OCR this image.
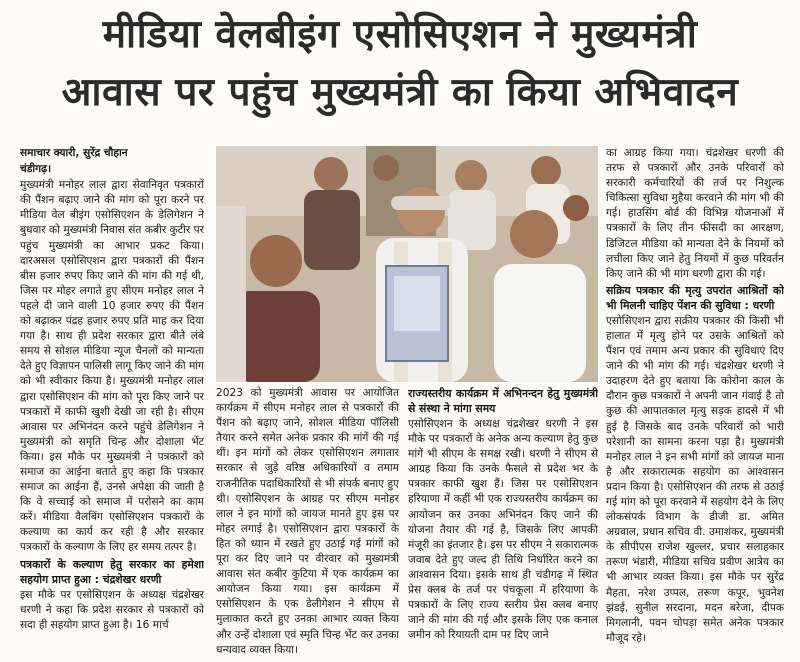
मीडिया वेलबीइंग एसोसिएशन ने मुख्यमंत्री
आवास पर पहुंच मुख्यमंत्री का किया अभिवादन

समाचार क्यारी, सुरेंद्र चौहान

चंडीगढ़।

मुख्यमंत्री मनोहर लाल द्वारा सेवानिवृत पत्रकारों की पैंशन बढ़ाए जाने की मांग को पूरा करने पर मीडिया वेल बीइंग एसोसिएशन के डेलिगेशन ने बुधवार को मुख्यमंत्री निवास संत कबीर कुटीर पर पहुंच मुख्यमंत्री का आभार प्रकट किया। दारअसल एसोसिएशन द्वारा पत्रकारों की पैंशन बीस हजार रुपए किए जाने की मांग की गई थी, जिस पर मोहर लगाते हुए सीएम मनोहर लाल ने पहले दी जाने वाली 10 हजार रुपए की पैंशन को बढ़ाकर पंद्रह हजार रुपए प्रति माह कर दिया गया है। साथ ही प्रदेश सरकार द्वारा बीते लंबे समय से सोशल मीडिया न्यूज चैनलों को मान्यता देते हुए विज्ञापन पालिसी लागू किए जाने की मांग को भी स्वीकार किया है। मुख्यमंत्री मनोहर लाल द्वारा एसोसिएशन की मांग को पूरा किए जाने पर पत्रकारों में काफी खुशी देखी जा रही है। सीएम आवास पर अभिनंदन करने पहुंचे डेलिगेशन ने मुख्यमंत्री को समृति चिन्ह और दोशाला भेंट किया। इस मौके पर मुख्यमंत्री ने पत्रकारों को समाज का आईना बताते हुए कहा कि पत्रकार समाज का आईना हैं, उनसे अपेक्षा की जाती है कि वे सच्चाई को समाज में परोसने का काम करें। मीडिया वैलबिंग एसोसिएशन पत्रकारों के कल्याण का कार्य कर रही है और सरकार पत्रकारों के कल्याण के लिए हर समय तत्पर है।

पत्रकारों के कल्याण हेतु सरकार का हमेशा सहयोग प्राप्त हुआ : चंद्रशेखर धरणी

इस मौके पर एसोसिएशन के अध्यक्ष चंद्रशेखर धरणी ने कहा कि प्रदेश सरकार से पत्रकारों को सदा ही सहयोग प्राप्त हुआ है। 16 मार्च

2023 को मुख्यमंत्री आवास पर आयोजित कार्यक्रम में सीएम मनोहर लाल से पत्रकारों की पैंशन को बढ़ाए जाने, सोशल मीडिया पॉलिसी तैयार करने समेत अनेक प्रकार की मांगें की गई थीं। इन मांगों को लेकर एसोसिएशन लगातार सरकार से जुड़े वरिष्ठ अधिकारियों व तमाम राजनीतिक पदाधिकारियों से भी संपर्क बनाए हुए थी। एसोसिएशन के आग्रह पर सीएम मनोहर लाल ने इन मांगों को जायज मानते हुए इस पर मोहर लगाई है। एसोसिएशन द्वारा पत्रकारों के हित को ध्यान में रखते हुए उठाई गई मांगों को पूरा कर दिए जाने पर वीरवार को मुख्यमंत्री आवास संत कबीर कुटिया में एक कार्यक्रम का आयोजन किया गया। इस कार्यक्रम में एसोसिएशन के एक डेलीगेशन ने सीएम से मुलाकात करते हुए उनका आभार व्यक्त किया और उन्हें दोशाला एवं स्मृति चिन्ह भेंट कर उनका धन्यवाद व्यक्त किया।

राज्यस्तरीय कार्यक्रम में अभिनन्दन हेतु मुख्यमंत्री से संस्था ने मांगा समय

एसोसिएशन के अध्यक्ष चंद्रशेखर धरणी ने इस मौके पर पत्रकारों के अनेक अन्य कल्याण हेतु कुछ मांगें भी सीएम के समक्ष रखी। धरणी ने सीएम से आग्रह किया कि उनके फैसले से प्रदेश भर के पत्रकार काफी खुश हैं। जिस पर एसोसिएशन हरियाणा में कहीं भी एक राज्यस्तरीय कार्यक्रम का आयोजन कर उनका अभिनंदन किए जाने की योजना तैयार की गई है, जिसके लिए आपकी मंजूरी का इंतजार है। इस पर सीएम ने सकारात्मक जवाब देते हुए जल्द ही तिथि निर्धारित करने का आश्वासन दिया। इसके साथ ही चंडीगढ़ में स्थित प्रेस क्लब के तर्ज पर पंचकूला में हरियाणा के पत्रकारों के लिए राज्य स्तरीय प्रेस क्लब बनाए जाने की मांग की गई और इसके लिए एक कनाल जमीन को रियायती दाम पर दिए जाने

का आग्रह किया गया। चंद्रशेखर धरणी की तरफ से पत्रकारों और उनके परिवारों को सरकारी कर्मचारियों की तर्ज पर निशुल्क चिकित्सा सुविधा मुहैया करवाने की मांग भी की गई। हाउसिंग बोर्ड की विभिन्न योजनाओं में पत्रकारों के लिए तीन फीसदी का आरक्षण, डिजिटल मीडिया को मान्यता देने के नियमों को लचीला किए जाने हेतु नियमों में कुछ परिवर्तन किए जाने की भी मांग धरणी द्वारा की गई।

सक्रिय पत्रकार की मृत्यु उपरांत आश्रितों को भी मिलनी चाहिए पेंशन की सुविधा : धरणी

एसोसिएशन द्वारा सक्रीय पत्रकार की किसी भी हालात में मृत्यु होने पर उसके आश्रितों को पैंशन एवं तमाम अन्य प्रकार की सुविधाएं दिए जाने की भी मांग की गई। चंद्रशेखर धरणी ने उदाहरण देते हुए बताया कि कोरोना काल के दौरान कुछ पत्रकारों ने अपनी जान गंवाई है तो कुछ की आपातकाल मृत्यु सड़क हादसे में भी हुई है जिसके बाद उनके परिवारों को भारी परेशानी का सामना करना पड़ा है। मुख्यमंत्री मनोहर लाल ने इन सभी मांगों को जायज माना है और सकारात्मक सहयोग का आश्वासन प्रदान किया है। एसोसिएशन की तरफ से उठाई गई मांग को पूरा करवाने में सहयोग देने के लिए लोकसंपर्क विभाग के डीजी डा. अमित अग्रवाल, प्रधान सचिव वी. उमाशंकर, मुख्यमंत्री के सीपीएस राजेश खुल्लर, प्रचार सलाहकार तरूण भंडारी, मीडिया सचिव प्रवीण आत्रेय का भी आभार व्यक्त किया। इस मौके पर सुरेंद्र मैहता, नरेश उप्पल, तरूण कपूर, भुवनेश झंडई, सुनील सरदाना, मदन बरेजा, दीपक मिगलानी, पवन चोपड़ा समेत अनेक पत्रकार मौजूद रहे।
